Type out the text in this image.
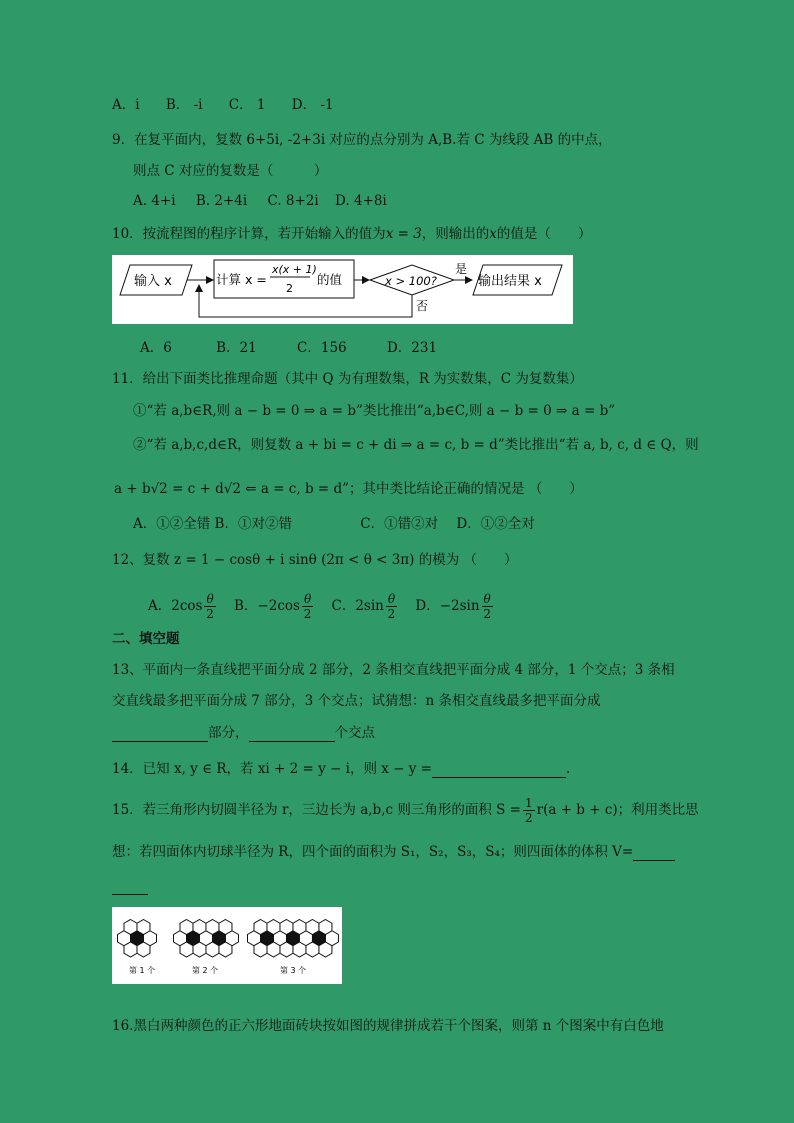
A．i B． -i C． 1 D． -1
9．在复平面内，复数 6+5i, -2+3i 对应的点分别为 A,B.若 C 为线段 AB 的中点，
则点 C 对应的复数是（　　　）
A. 4+i B. 2+4i C. 8+2i D. 4+8i
10．按流程图的程序计算，若开始输入的值为x = 3，则输出的x的值是（　　）
输入 x	计算 x =
x(x + 1)
2
的值	x > 100?
是
输出结果 x
否
A．6	B．21	C．156	D．231
11．给出下面类比推理命题（其中 Q 为有理数集，R 为实数集，C 为复数集）
①“若 a,b∈R,则 a − b = 0 ⇒ a = b”类比推出“a,b∈C,则 a − b = 0 ⇒ a = b”
②“若 a,b,c,d∈R，则复数 a + bi = c + di ⇒ a = c, b = d”类比推出“若 a, b, c, d ∈ Q，则
a + b√2 = c + d√2 ⇐ a = c, b = d”；其中类比结论正确的情况是 （　　）
A．①②全错 B．①对②错	C．①错②对 D．①②全对
12、复数 z = 1 − cosθ + i sinθ (2π < θ < 3π) 的模为 （　　）
A．$2\cos \frac{\theta}{2}$ B．$-2\cos \frac{\theta}{2}$ C．$2\sin \frac{\theta}{2}$ D．$-2\sin \frac{\theta}{2}$
二、填空题
13、平面内一条直线把平面分成 2 部分，2 条相交直线把平面分成 4 部分，1 个交点；3 条相
交直线最多把平面分成 7 部分，3 个交点；试猜想：n 条相交直线最多把平面分成
部分，	个交点
14．已知 x, y ∈ R，若 xi + 2 = y − i，则 x − y =	.
15．若三角形内切圆半径为 r，三边长为 a,b,c 则三角形的面积 $S = \frac{1}{2} r(a + b + c)$；利用类比思
想：若四面体内切球半径为 R，四个面的面积为 S₁，S₂，S₃，S₄；则四面体的体积 V=
第 1 个	第 2 个	第 3 个
16.黑白两种颜色的正六形地面砖块按如图的规律拼成若干个图案，则第 n 个图案中有白色地
